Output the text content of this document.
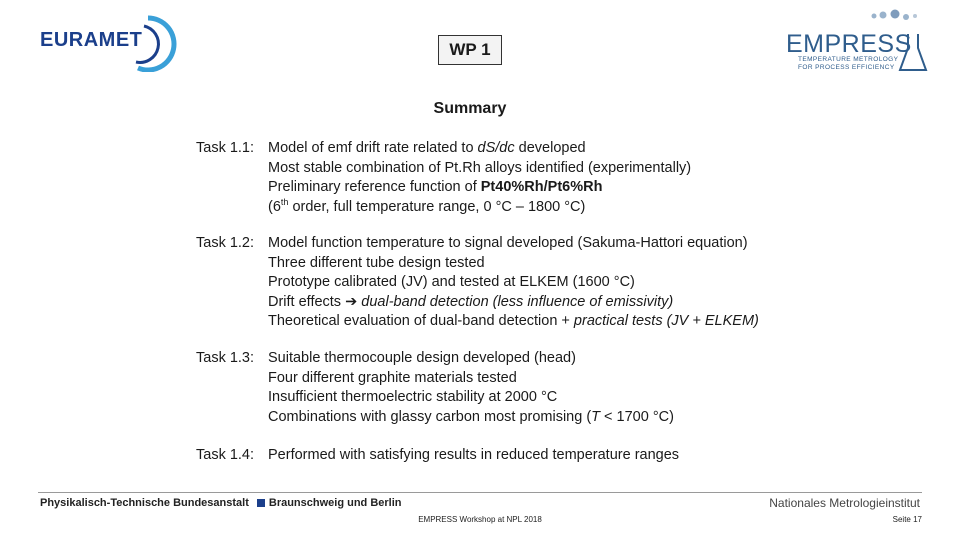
EURAMET	WP 1	EMPRESS
TEMPERATURE METROLOGY
FOR PROCESS EFFICIENCY
Summary
Task 1.1: Model of emf drift rate related to dS/dc developed
Most stable combination of Pt.Rh alloys identified (experimentally)
Preliminary reference function of Pt40%Rh/Pt6%Rh
(6th order, full temperature range, 0 °C – 1800 °C)
Task 1.2: Model function temperature to signal developed (Sakuma-Hattori equation)
Three different tube design tested
Prototype calibrated (JV) and tested at ELKEM (1600 °C)
Drift effects ➔ dual-band detection (less influence of emissivity)
Theoretical evaluation of dual-band detection + practical tests (JV + ELKEM)
Task 1.3: Suitable thermocouple design developed (head)
Four different graphite materials tested
Insufficient thermoelectric stability at 2000 °C
Combinations with glassy carbon most promising (T < 1700 °C)
Task 1.4: Performed with satisfying results in reduced temperature ranges
Physikalisch-Technische Bundesanstalt Braunschweig und Berlin	Nationales Metrologieinstitut
EMPRESS Workshop at NPL 2018	Seite 17
